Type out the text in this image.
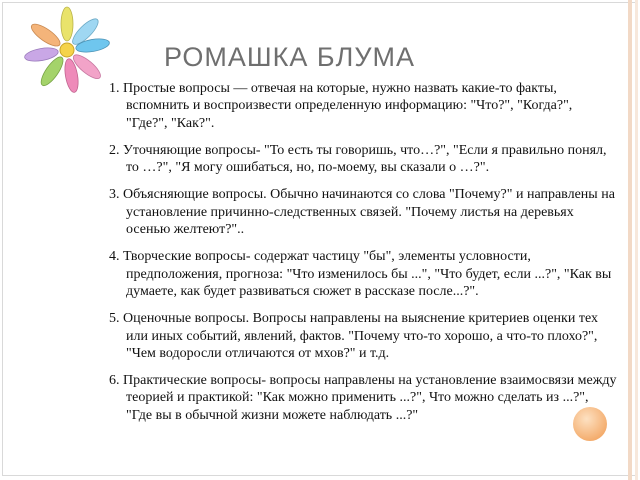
РОМАШКА БЛУМА
1. Простые вопросы — отвечая на которые, нужно назвать какие-то факты, вспомнить и воспроизвести определенную информацию: "Что?", "Когда?", "Где?", "Как?".
2. Уточняющие вопросы- "То есть ты говоришь, что…?", "Если я правильно понял, то …?", "Я могу ошибаться, но, по-моему, вы сказали о …?".
3. Объясняющие вопросы. Обычно начинаются со слова "Почему?" и направлены на установление причинно-следственных связей. "Почему листья на деревьях осенью желтеют?"..
4. Творческие вопросы- содержат частицу "бы", элементы условности, предположения, прогноза: "Что изменилось бы ...", "Что будет, если ...?", "Как вы думаете, как будет развиваться сюжет в рассказе после...?".
5. Оценочные вопросы. Вопросы направлены на выяснение критериев оценки тех или иных событий, явлений, фактов. "Почему что-то хорошо, а что-то плохо?", "Чем водоросли отличаются от мхов?" и т.д.
6. Практические вопросы- вопросы направлены на установление взаимосвязи между теорией и практикой: "Как можно применить ...?", Что можно сделать из ...?", "Где вы в обычной жизни можете наблюдать ...?"
